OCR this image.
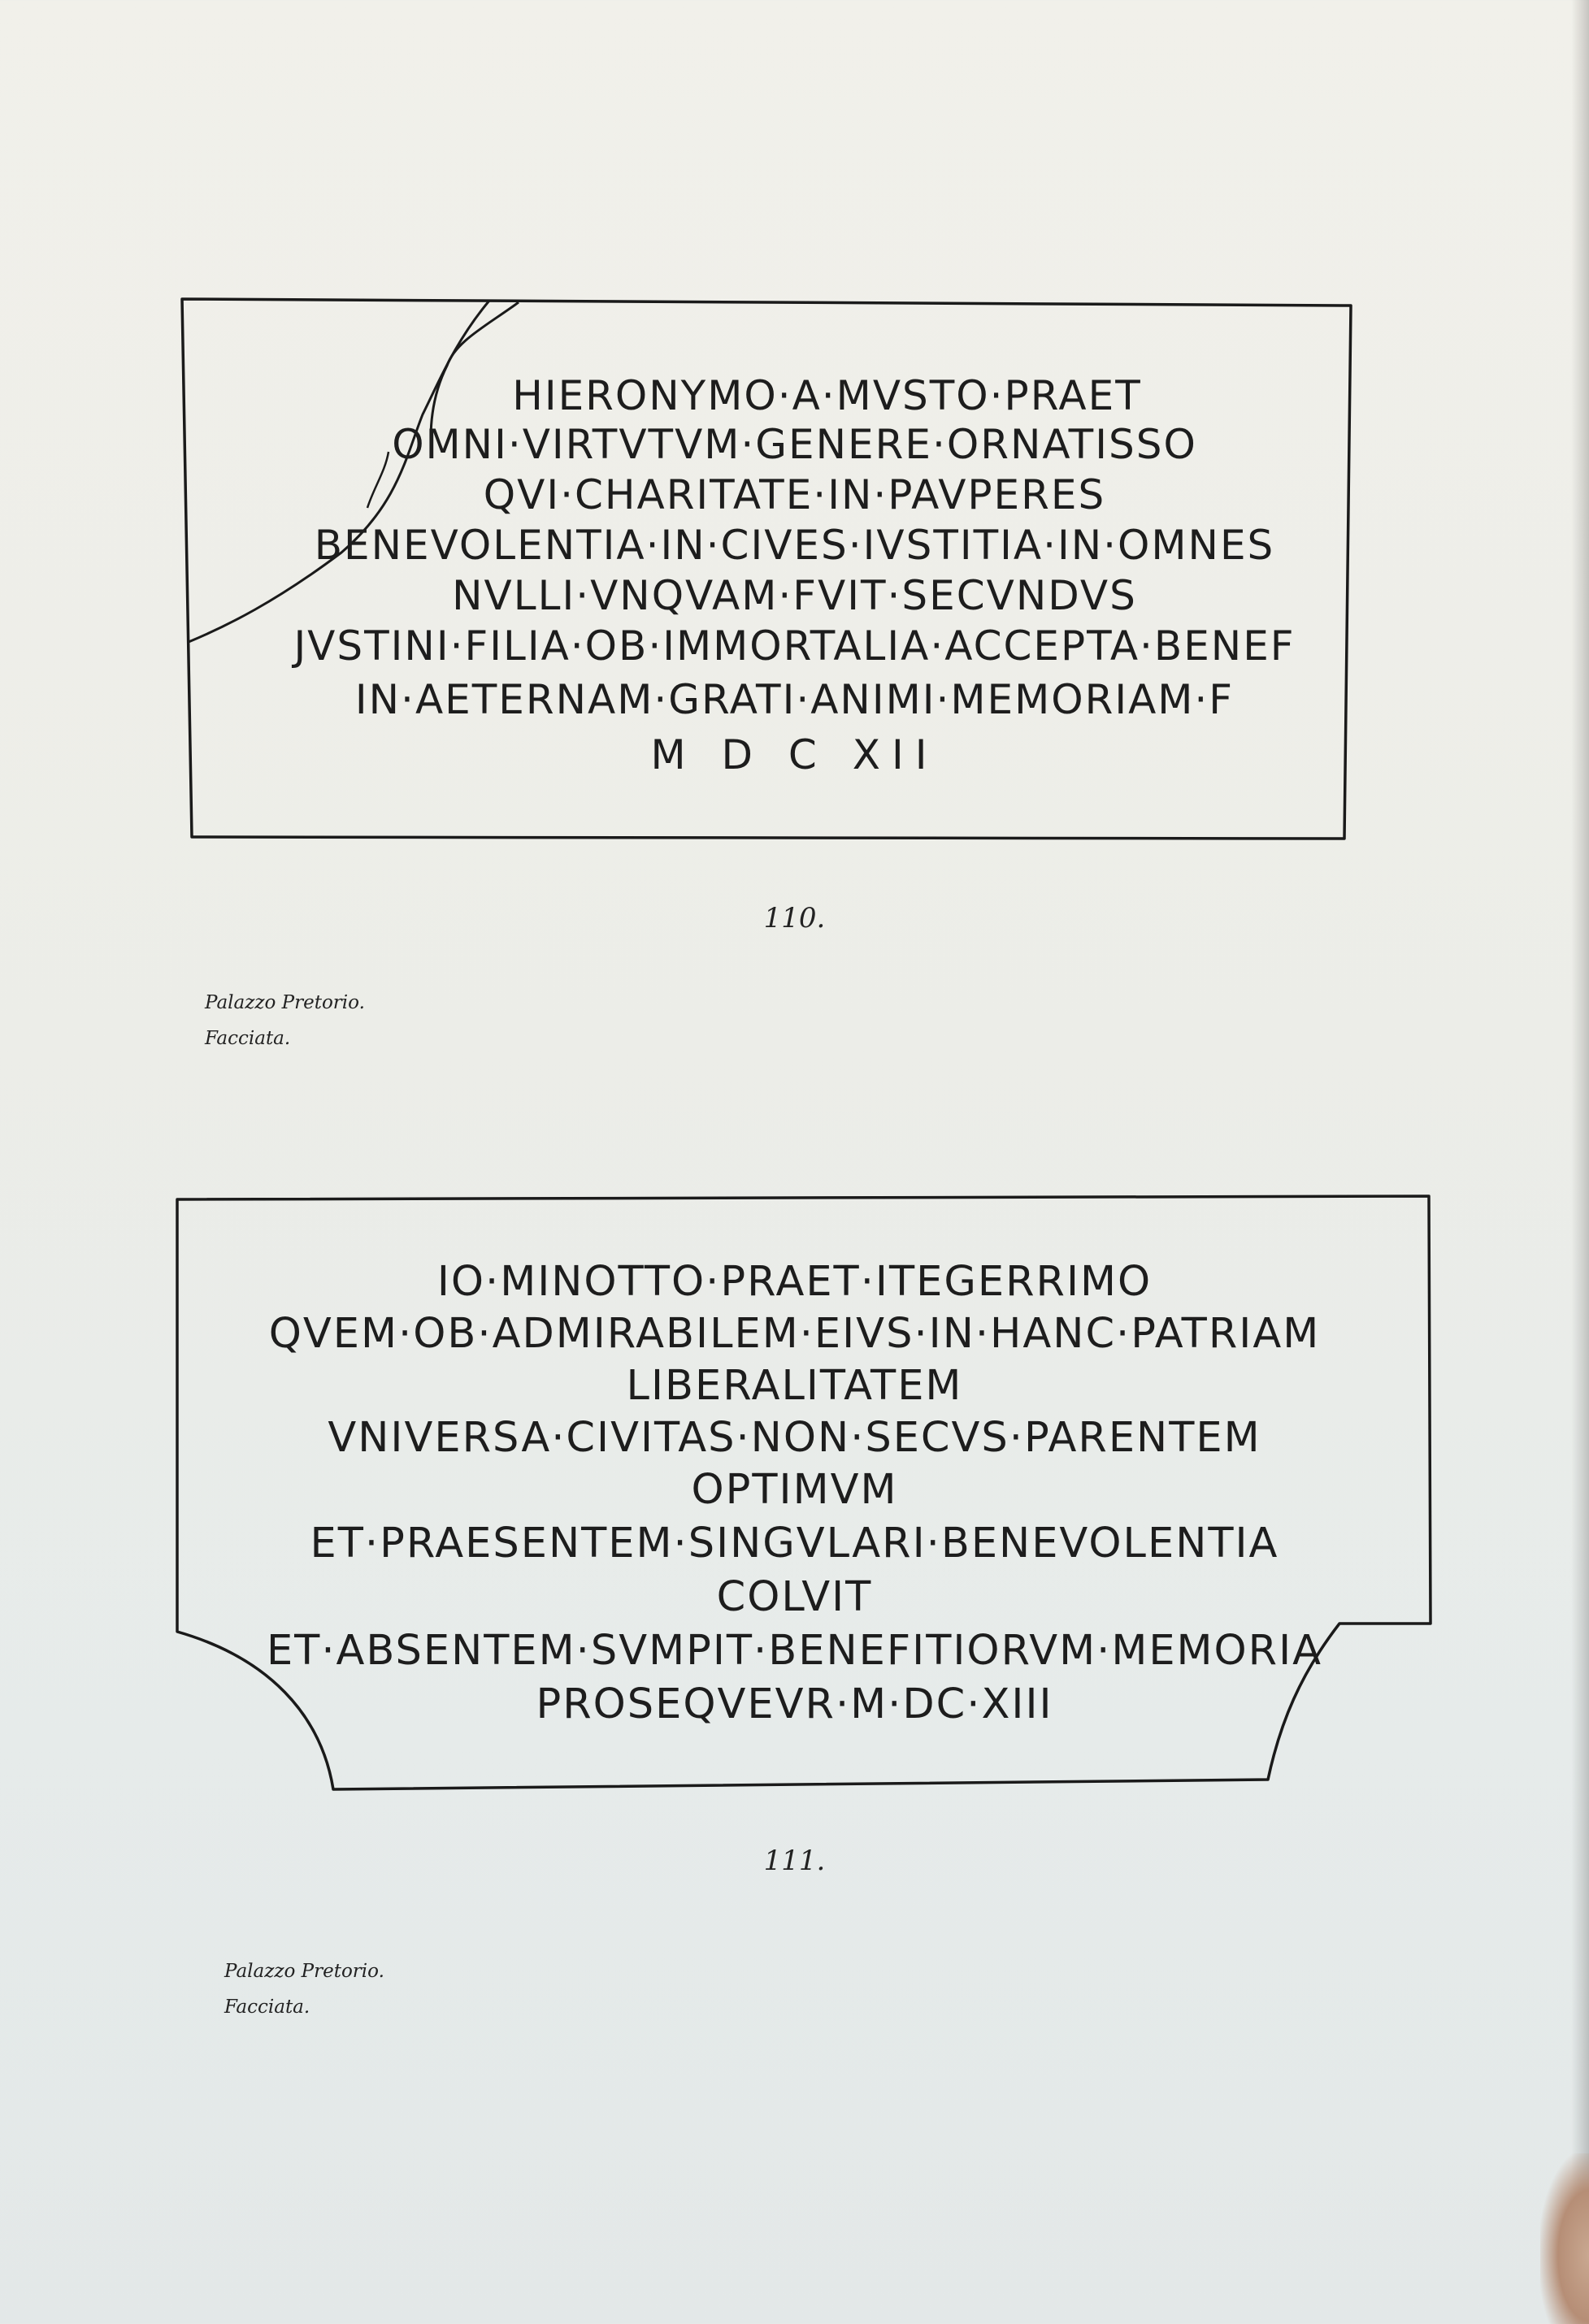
HIERONYMO·A·MVSTO·PRAET
OMNI·VIRTVTVM·GENERE·ORNATISSO
QVI·CHARITATE·IN·PAVPERES
BENEVOLENTIA·IN·CIVES·IVSTITIA·IN·OMNES
NVLLI·VNQVAM·FVIT·SECVNDVS
JVSTINI·FILIA·OB·IMMORTALIA·ACCEPTA·BENEF
IN·AETERNAM·GRATI·ANIMI·MEMORIAM·F
M D C XII
110.
Palazzo Pretorio.
Facciata.
IO·MINOTTO·PRAET·ITEGERRIMO
QVEM·OB·ADMIRABILEM·EIVS·IN·HANC·PATRIAM
LIBERALITATEM
VNIVERSA·CIVITAS·NON·SECVS·PARENTEM
OPTIMVM
ET·PRAESENTEM·SINGVLARI·BENEVOLENTIA
COLVIT
ET·ABSENTEM·SVMPIT·BENEFITIORVM·MEMORIA
PROSEQVEVR·M·DC·XIII
111.
Palazzo Pretorio.
Facciata.
